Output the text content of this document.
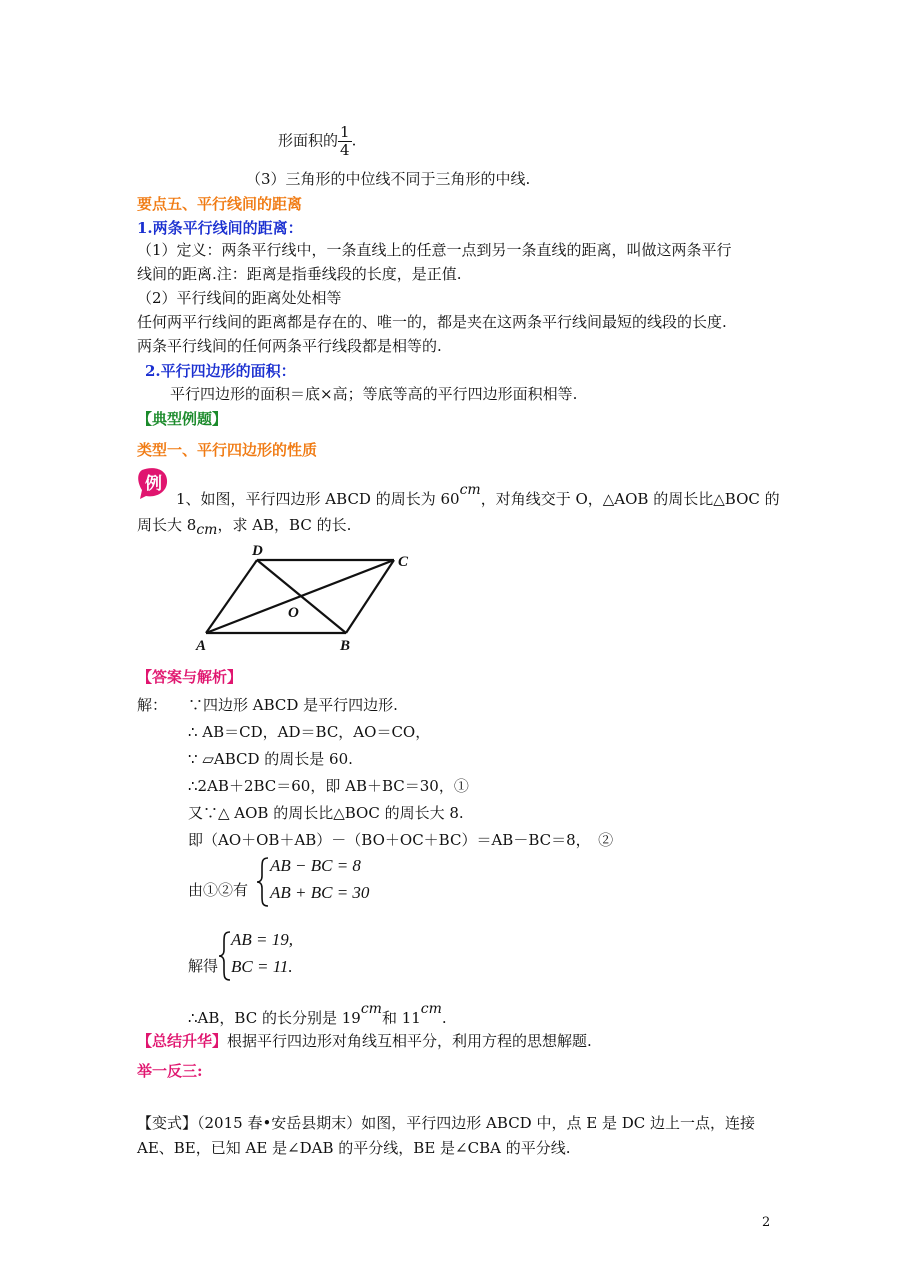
形面积的 $\frac{1}{4}$ .
（3）三角形的中位线不同于三角形的中线.
要点五、平行线间的距离
1.两条平行线间的距离：
（1）定义：两条平行线中，一条直线上的任意一点到另一条直线的距离，叫做这两条平行
线间的距离.注：距离是指垂线段的长度，是正值.
（2）平行线间的距离处处相等
任何两平行线间的距离都是存在的、唯一的，都是夹在这两条平行线间最短的线段的长度.
两条平行线间的任何两条平行线段都是相等的.
2.平行四边形的面积：
平行四边形的面积＝底×高；等底等高的平行四边形面积相等.
【典型例题】
类型一、平行四边形的性质
例
1、如图，平行四边形 ABCD 的周长为 60cm，对角线交于 O，△AOB 的周长比△BOC 的
周长大 8cm，求 AB，BC 的长.
A	B
C
D
O
【答案与解析】
解： ∵四边形 ABCD 是平行四边形.
∴ AB＝CD，AD＝BC，AO＝CO，
∵ ▱ABCD 的周长是 60.
∴2AB＋2BC＝60，即 AB＋BC＝30，①
又∵△ AOB 的周长比△BOC 的周长大 8.
即（AO＋OB＋AB）－（BO＋OC＋BC）＝AB－BC＝8，　②
由①②有
AB − BC = 8
AB + BC = 30
解得
AB = 19,
BC = 11.
∴AB，BC 的长分别是 19cm和 11cm.
【总结升华】根据平行四边形对角线互相平分，利用方程的思想解题.
举一反三:
【变式】（2015 春•安岳县期末）如图，平行四边形 ABCD 中，点 E 是 DC 边上一点，连接
AE、BE，已知 AE 是∠DAB 的平分线，BE 是∠CBA 的平分线.
2
